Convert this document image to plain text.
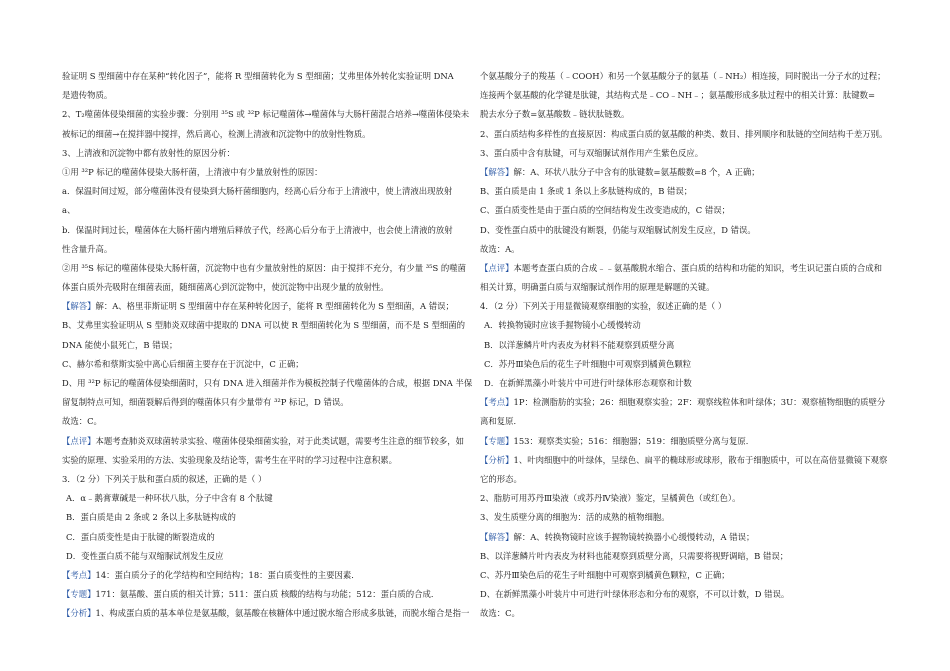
验证明 S 型细菌中存在某种“转化因子”，能将 R 型细菌转化为 S 型细菌；艾弗里体外转化实验证明 DNA
是遗传物质。
2、T₂噬菌体侵染细菌的实验步骤：分别用 ³⁵S 或 ³²P 标记噬菌体→噬菌体与大肠杆菌混合培养→噬菌体侵染未
被标记的细菌→在搅拌器中搅拌，然后离心，检测上清液和沉淀物中的放射性物质。
3、上清液和沉淀物中都有放射性的原因分析：
①用 ³²P 标记的噬菌体侵染大肠杆菌，上清液中有少量放射性的原因：
a．保温时间过短，部分噬菌体没有侵染到大肠杆菌细胞内，经离心后分布于上清液中，使上清液出现放射
a、
b．保温时间过长，噬菌体在大肠杆菌内增殖后释放子代，经离心后分布于上清液中，也会使上清液的放射
性含量升高。
②用 ³⁵S 标记的噬菌体侵染大肠杆菌，沉淀物中也有少量放射性的原因：由于搅拌不充分，有少量 ³⁵S 的噬菌
体蛋白质外壳吸附在细菌表面，随细菌离心到沉淀物中，使沉淀物中出现少量的放射性。
【解答】解：A、格里菲斯证明 S 型细菌中存在某种转化因子，能将 R 型细菌转化为 S 型细菌，A 错误；
B、艾弗里实验证明从 S 型肺炎双球菌中提取的 DNA 可以使 R 型细菌转化为 S 型细菌，而不是 S 型细菌的
DNA 能使小鼠死亡，B 错误；
C、赫尔希和蔡斯实验中离心后细菌主要存在于沉淀中，C 正确；
D、用 ³²P 标记的噬菌体侵染细菌时，只有 DNA 进入细菌并作为模板控制子代噬菌体的合成，根据 DNA 半保
留复制特点可知，细菌裂解后得到的噬菌体只有少量带有 ³²P 标记，D 错误。
故选：C。
【点评】本题考查肺炎双球菌转录实验、噬菌体侵染细菌实验，对于此类试题，需要考生注意的细节较多，如
实验的原理、实验采用的方法、实验现象及结论等，需考生在平时的学习过程中注意积累。
3．（2 分）下列关于肽和蛋白质的叙述，正确的是（ ）
A．α﹣鹅膏蕈碱是一种环状八肽，分子中含有 8 个肽键
B．蛋白质是由 2 条或 2 条以上多肽链构成的
C．蛋白质变性是由于肽键的断裂造成的
D．变性蛋白质不能与双缩脲试剂发生反应
【考点】14：蛋白质分子的化学结构和空间结构；18：蛋白质变性的主要因素．
【专题】171：氨基酸、蛋白质的相关计算；511：蛋白质 核酸的结构与功能；512：蛋白质的合成．
【分析】1、构成蛋白质的基本单位是氨基酸，氨基酸在核糖体中通过脱水缩合形成多肽链，而脱水缩合是指一
个氨基酸分子的羧基（﹣COOH）和另一个氨基酸分子的氨基（﹣NH₂）相连接，同时脱出一分子水的过程；
连接两个氨基酸的化学键是肽键，其结构式是﹣CO﹣NH﹣；氨基酸形成多肽过程中的相关计算：肽键数=
脱去水分子数=氨基酸数﹣链状肽链数。
2、蛋白质结构多样性的直接原因：构成蛋白质的氨基酸的种类、数目、排列顺序和肽链的空间结构千差万别。
3、蛋白质中含有肽键，可与双缩脲试剂作用产生紫色反应。
【解答】解：A、环状八肽分子中含有的肽键数=氨基酸数=8 个，A 正确；
B、蛋白质是由 1 条或 1 条以上多肽链构成的，B 错误；
C、蛋白质变性是由于蛋白质的空间结构发生改变造成的，C 错误；
D、变性蛋白质中的肽键没有断裂，仍能与双缩脲试剂发生反应，D 错误。
故选：A。
【点评】本题考查蛋白质的合成﹣﹣氨基酸脱水缩合、蛋白质的结构和功能的知识，考生识记蛋白质的合成和
相关计算，明确蛋白质与双缩脲试剂作用的原理是解题的关键。
4．（2 分）下列关于用显微镜观察细胞的实验，叙述正确的是（ ）
A．转换物镜时应该手握物镜小心缓慢转动
B．以洋葱鳞片叶内表皮为材料不能观察到质壁分离
C．苏丹Ⅲ染色后的花生子叶细胞中可观察到橘黄色颗粒
D．在新鲜黑藻小叶装片中可进行叶绿体形态观察和计数
【考点】1P：检测脂肪的实验；26：细胞观察实验；2F：观察线粒体和叶绿体；3U：观察植物细胞的质壁分
离和复原．
【专题】153：观察类实验；516：细胞器；519：细胞质壁分离与复原．
【分析】1、叶肉细胞中的叶绿体，呈绿色、扁平的椭球形或球形，散布于细胞质中，可以在高倍显微镜下观察
它的形态。
2、脂肪可用苏丹Ⅲ染液（或苏丹Ⅳ染液）鉴定，呈橘黄色（或红色）。
3、发生质壁分离的细胞为：活的成熟的植物细胞。
【解答】解：A、转换物镜时应该手握物镜转换器小心缓慢转动，A 错误；
B、以洋葱鳞片叶内表皮为材料也能观察到质壁分离，只需要将视野调暗，B 错误；
C、苏丹Ⅲ染色后的花生子叶细胞中可观察到橘黄色颗粒，C 正确；
D、在新鲜黑藻小叶装片中可进行叶绿体形态和分布的观察，不可以计数，D 错误。
故选：C。
